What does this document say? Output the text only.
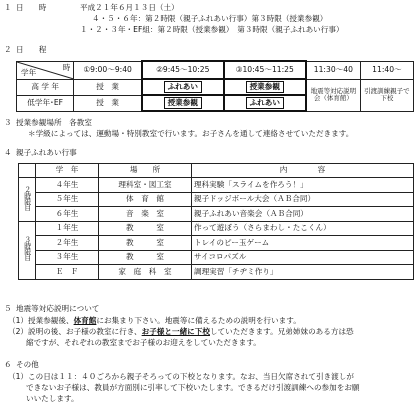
１ 日　　時	平成２１年６月１３日（土）
４・５・６年：第２時限（親子ふれあい行事）第３時限（授業参観）
１・２・３年・EF組：第２時限（授業参観）　第３時限（親子ふれあい行事）
２ 日　　程
時
学年	①9:00～9:40	②9:45～10:25	③10:45～11:25	11:30～40	11:40～
高 学 年	授　業	ふれあい	授業参観	地震等対応説明会（体育館）	引渡訓練親子で下校
低学年･EF	授　業	授業参観	ふれあい		
３ 授業参観場所　各教室
＊学級によっては、運動場・特別教室で行います。お子さんを通して連絡させていただきます。
４ 親子ふれあい行事
	学　年	場　　所	内　　　　容
２時限目	４年生	理科室・図工室	理科実験「スライムを作ろう！」
	５年生	体　育　館	親子ドッジボール大会（ＡＢ合同）
	６年生	音　楽　室	親子ふれあい音楽会（ＡＢ合同）
３時限目	１年生	教　　　室	作って遊ぼう（さらまわし・たこくん）
	２年生	教　　　室	トレイのピー玉ゲーム
	３年生	教　　　室	サイコロパズル
	Ｅ　Ｆ	家　庭　科　室	調理実習「チヂミ作り」
５ 地震等対応説明について
（1）授業参観後、体育館にお集まり下さい。地震等に備えるための説明を行います。
（2）説明の後、お子様の教室に行き、お子様と一緒に下校していただきます。兄弟姉妹のある方は恐
縮ですが、それぞれの教室までお子様のお迎えをしていただきます。
６ その他
（1）この日は１１：４０ごろから親子そろっての下校となります。なお、当日欠席されて引き渡しが
できないお子様は、教員が方面別に引率して下校いたします。できるだけ引渡訓練への参加をお願
いいたします。
